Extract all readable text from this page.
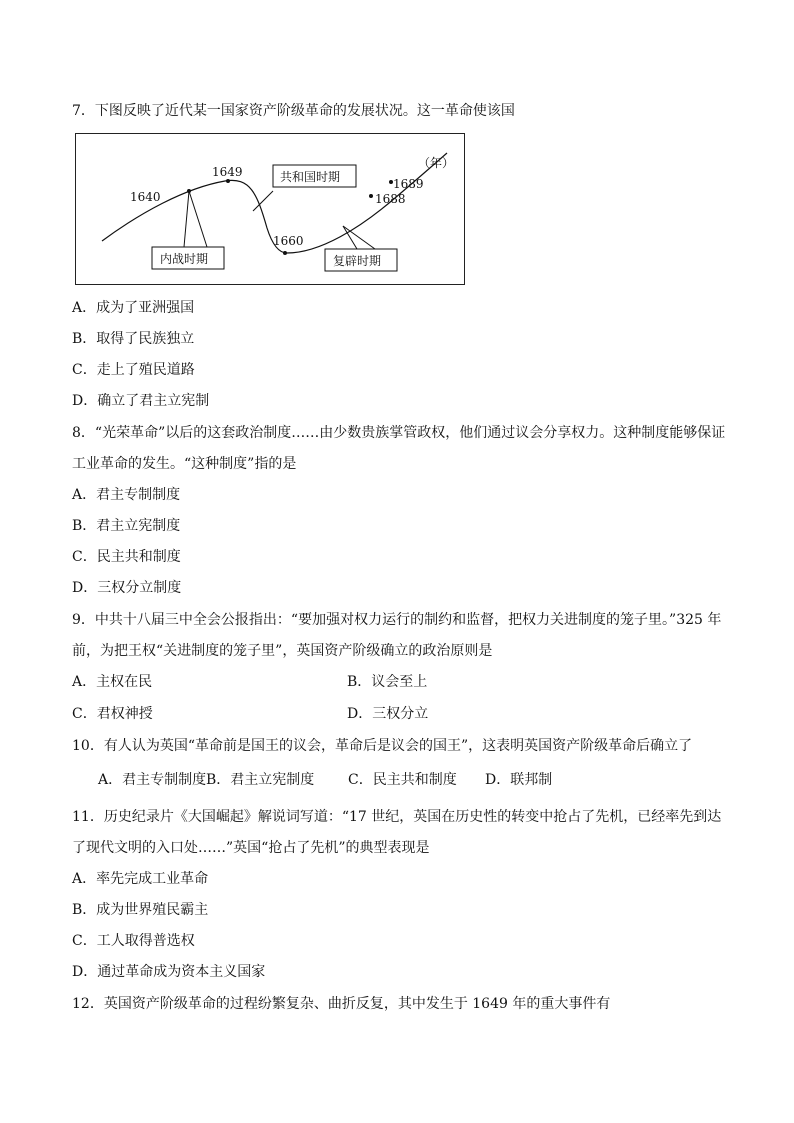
7．下图反映了近代某一国家资产阶级革命的发展状况。这一革命使该国
1640
1649
1660
1688
1689
（年）
内战时期
共和国时期
复辟时期
A．成为了亚洲强国
B．取得了民族独立
C．走上了殖民道路
D．确立了君主立宪制
8．“光荣革命”以后的这套政治制度……由少数贵族掌管政权，他们通过议会分享权力。这种制度能够保证
工业革命的发生。“这种制度”指的是
A．君主专制制度
B．君主立宪制度
C．民主共和制度
D．三权分立制度
9．中共十八届三中全会公报指出：“要加强对权力运行的制约和监督，把权力关进制度的笼子里。”325 年
前，为把王权“关进制度的笼子里”，英国资产阶级确立的政治原则是
A．主权在民	B．议会至上
C．君权神授	D．三权分立
10．有人认为英国“革命前是国王的议会，革命后是议会的国王”，这表明英国资产阶级革命后确立了
A．君主专制制度 B．君主立宪制度 C．民主共和制度 D．联邦制
11．历史纪录片《大国崛起》解说词写道：“17 世纪，英国在历史性的转变中抢占了先机，已经率先到达
了现代文明的入口处……”英国“抢占了先机”的典型表现是
A．率先完成工业革命
B．成为世界殖民霸主
C．工人取得普选权
D．通过革命成为资本主义国家
12．英国资产阶级革命的过程纷繁复杂、曲折反复，其中发生于 1649 年的重大事件有
